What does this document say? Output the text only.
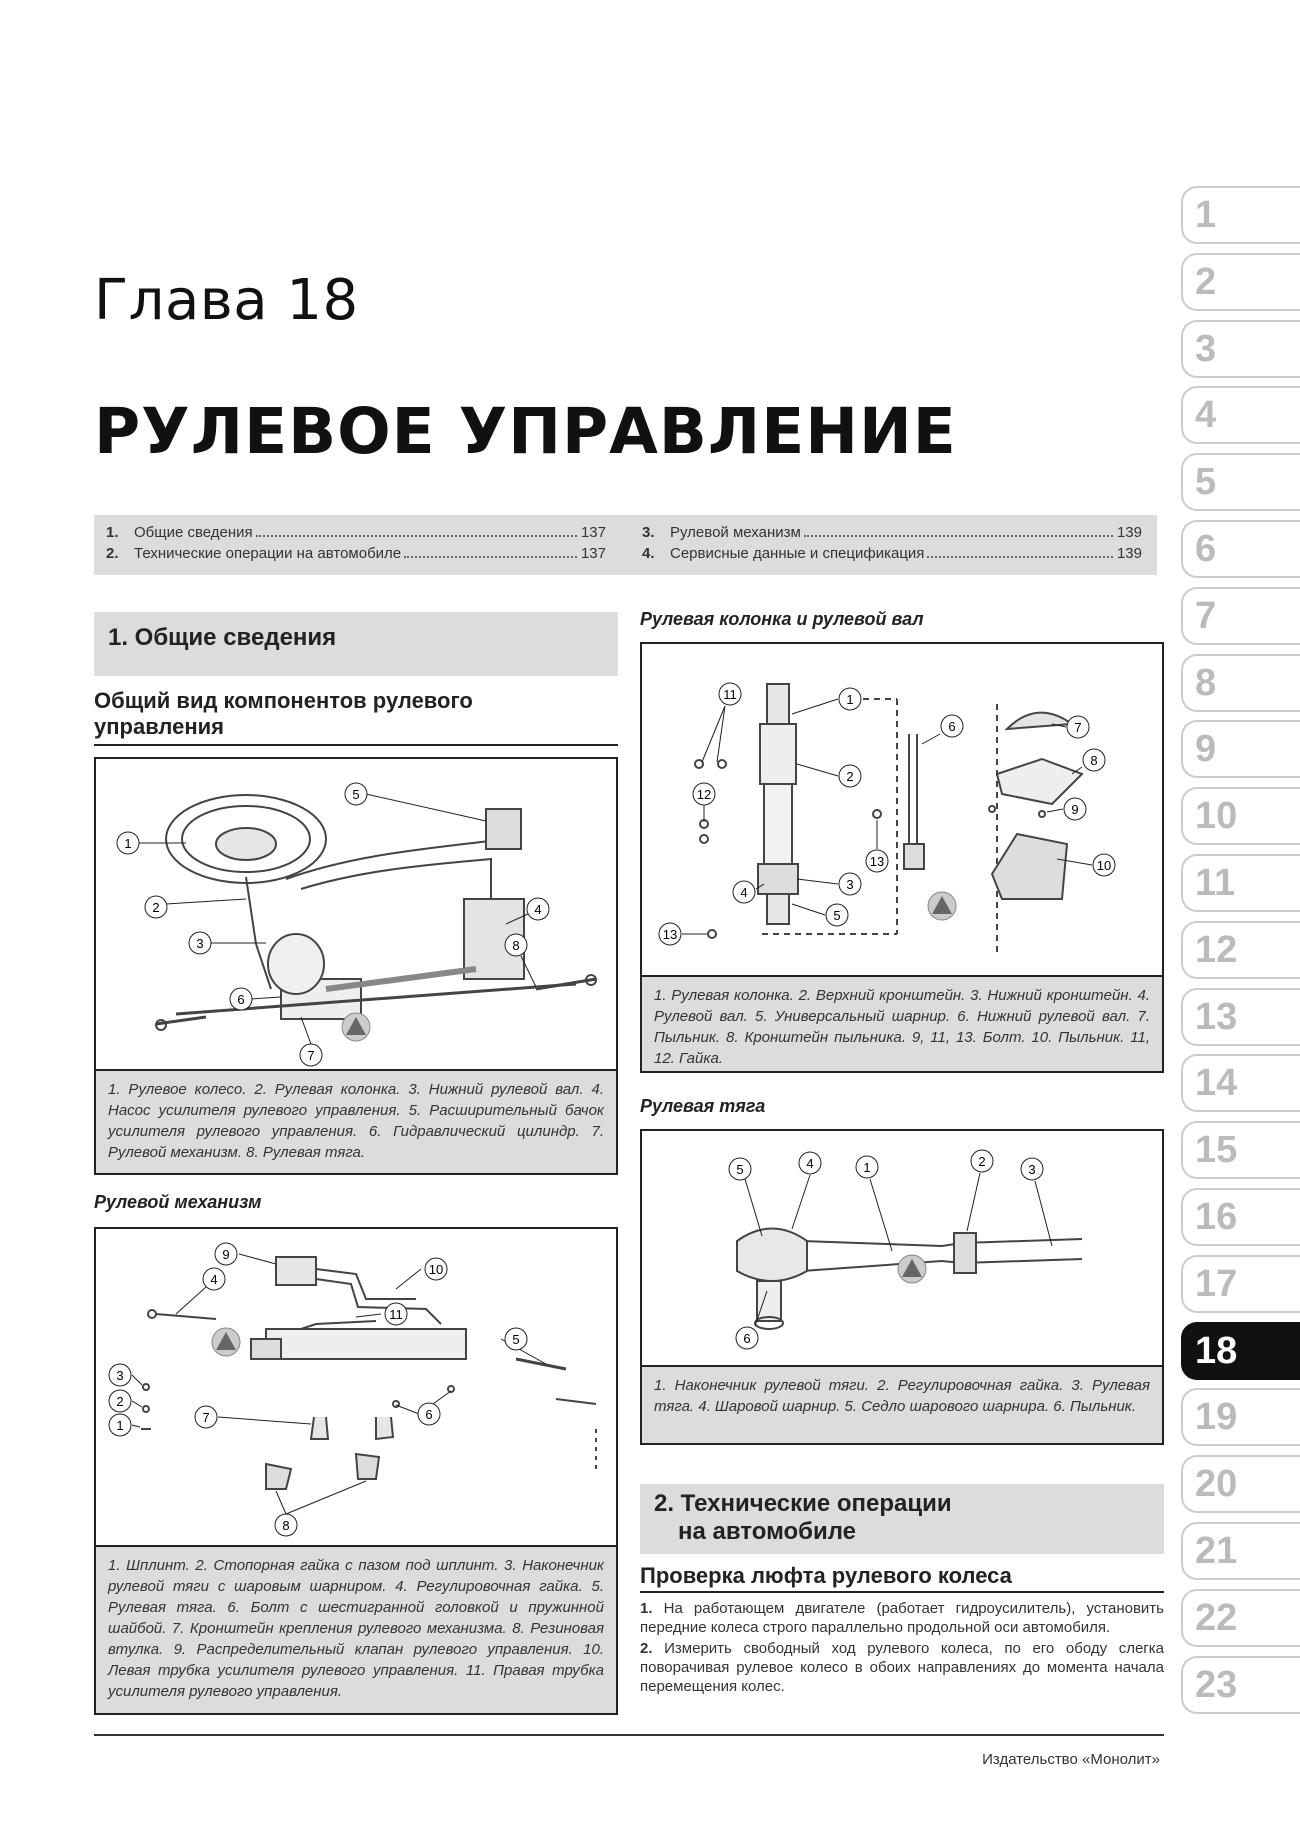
Глава 18
РУЛЕВОЕ УПРАВЛЕНИЕ
1.	Общие сведения	137
2.	Технические операции на автомобиле	137
3.	Рулевой механизм	139
4.	Сервисные данные и спецификация	139
1. Общие сведения
Общий вид компонентов рулевого управления
1
2
3
4
5
6
7
8
1. Рулевое колесо. 2. Рулевая колонка. 3. Нижний рулевой вал. 4. Насос усилителя рулевого управления. 5. Расширительный бачок усилителя рулевого управления. 6. Гидравлический цилиндр. 7. Рулевой механизм. 8. Рулевая тяга.
Рулевой механизм
1
2
3
4
5
6
7
8
9
10
11
1. Шплинт. 2. Стопорная гайка с пазом под шплинт. 3. Наконечник рулевой тяги с шаровым шарниром. 4. Регулировочная гайка. 5. Рулевая тяга. 6. Болт с шестигранной головкой и пружинной шайбой. 7. Кронштейн крепления рулевого механизма. 8. Резиновая втулка. 9. Распределительный клапан рулевого управления. 10. Левая трубка усилителя рулевого управления. 11. Правая трубка усилителя рулевого управления.
Рулевая колонка и рулевой вал
11
12
13
13
1
2
3
4
5
6	7
8
9
10
1. Рулевая колонка. 2. Верхний кронштейн. 3. Нижний кронштейн. 4. Рулевой вал. 5. Универсальный шарнир. 6. Нижний рулевой вал. 7. Пыльник. 8. Кронштейн пыльника. 9, 11, 13. Болт. 10. Пыльник. 11, 12. Гайка.
Рулевая тяга
5	4	1	2
3
6
1. Наконечник рулевой тяги. 2. Регулировочная гайка. 3. Рулевая тяга. 4. Шаровой шарнир. 5. Седло шарового шарнира. 6. Пыльник.
2. Технические операции
на автомобиле
Проверка люфта рулевого колеса

1. На работающем двигателе (работает гидроусилитель), установить передние колеса строго параллельно продольной оси автомобиля.

2. Измерить свободный ход рулевого колеса, по его ободу слегка поворачивая рулевое колесо в обоих направлениях до момента начала перемещения колес.

Издательство «Монолит»
1
2
3
4
5
6
7
8
9
10
11
12
13
14
15
16
17
18
19
20
21
22
23
